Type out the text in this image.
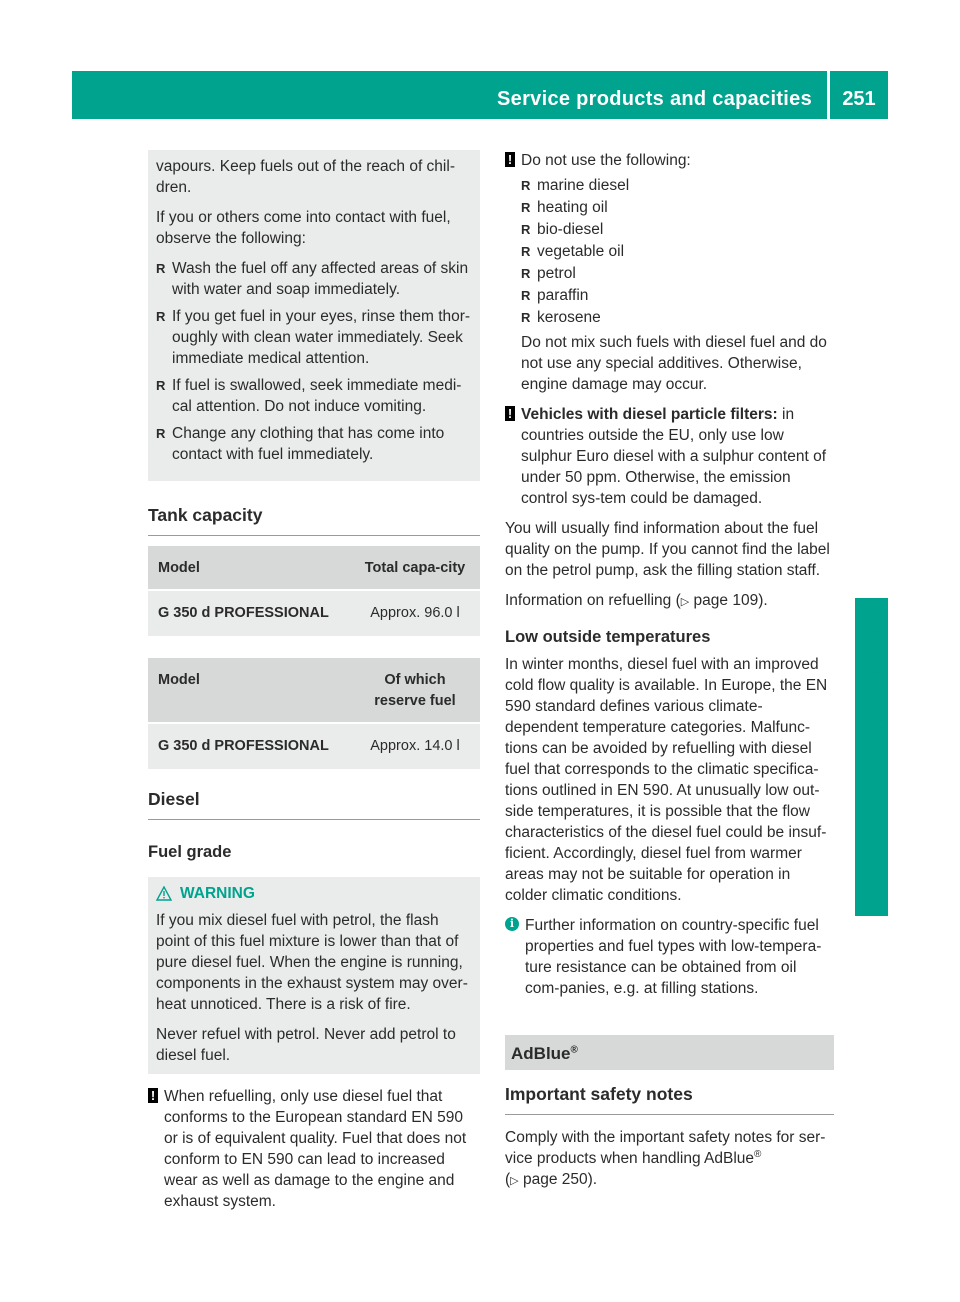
Service products and capacities	251
Technical data

vapours. Keep fuels out of the reach of chil-dren.

If you or others come into contact with fuel, observe the following:

R Wash the fuel off any affected areas of skin with water and soap immediately.
R If you get fuel in your eyes, rinse them thor-oughly with clean water immediately. Seek immediate medical attention.
R If fuel is swallowed, seek immediate medi-cal attention. Do not induce vomiting.
R Change any clothing that has come into contact with fuel immediately.
Tank capacity
Model	Total capa-city
G 350 d PROFESSIONAL	Approx. 96.0 l
Model	Of which reserve fuel
G 350 d PROFESSIONAL	Approx. 14.0 l
Diesel
Fuel grade
WARNING

If you mix diesel fuel with petrol, the flash point of this fuel mixture is lower than that of pure diesel fuel. When the engine is running, components in the exhaust system may over-heat unnoticed. There is a risk of fire.

Never refuel with petrol. Never add petrol to diesel fuel.

! When refuelling, only use diesel fuel that conforms to the European standard EN 590 or is of equivalent quality. Fuel that does not conform to EN 590 can lead to increased wear as well as damage to the engine and exhaust system.
! Do not use the following:

R marine diesel
R heating oil
R bio-diesel
R vegetable oil
R petrol
R paraffin
R kerosene

Do not mix such fuels with diesel fuel and do not use any special additives. Otherwise, engine damage may occur.

! Vehicles with diesel particle filters: in countries outside the EU, only use low sulphur Euro diesel with a sulphur content of under 50 ppm. Otherwise, the emission control sys-tem could be damaged.

You will usually find information about the fuel quality on the pump. If you cannot find the label on the petrol pump, ask the filling station staff.

Information on refuelling (▷ page 109).

Low outside temperatures

In winter months, diesel fuel with an improved cold flow quality is available. In Europe, the EN 590 standard defines various climate-dependent temperature categories. Malfunc-tions can be avoided by refuelling with diesel fuel that corresponds to the climatic specifica-tions outlined in EN 590. At unusually low out-side temperatures, it is possible that the flow characteristics of the diesel fuel could be insuf-ficient. Accordingly, diesel fuel from warmer areas may not be suitable for operation in colder climatic conditions.

i Further information on country-specific fuel properties and fuel types with low-tempera-ture resistance can be obtained from oil com-panies, e.g. at filling stations.
AdBlue®
Important safety notes

Comply with the important safety notes for ser-vice products when handling AdBlue®
(▷ page 250).
